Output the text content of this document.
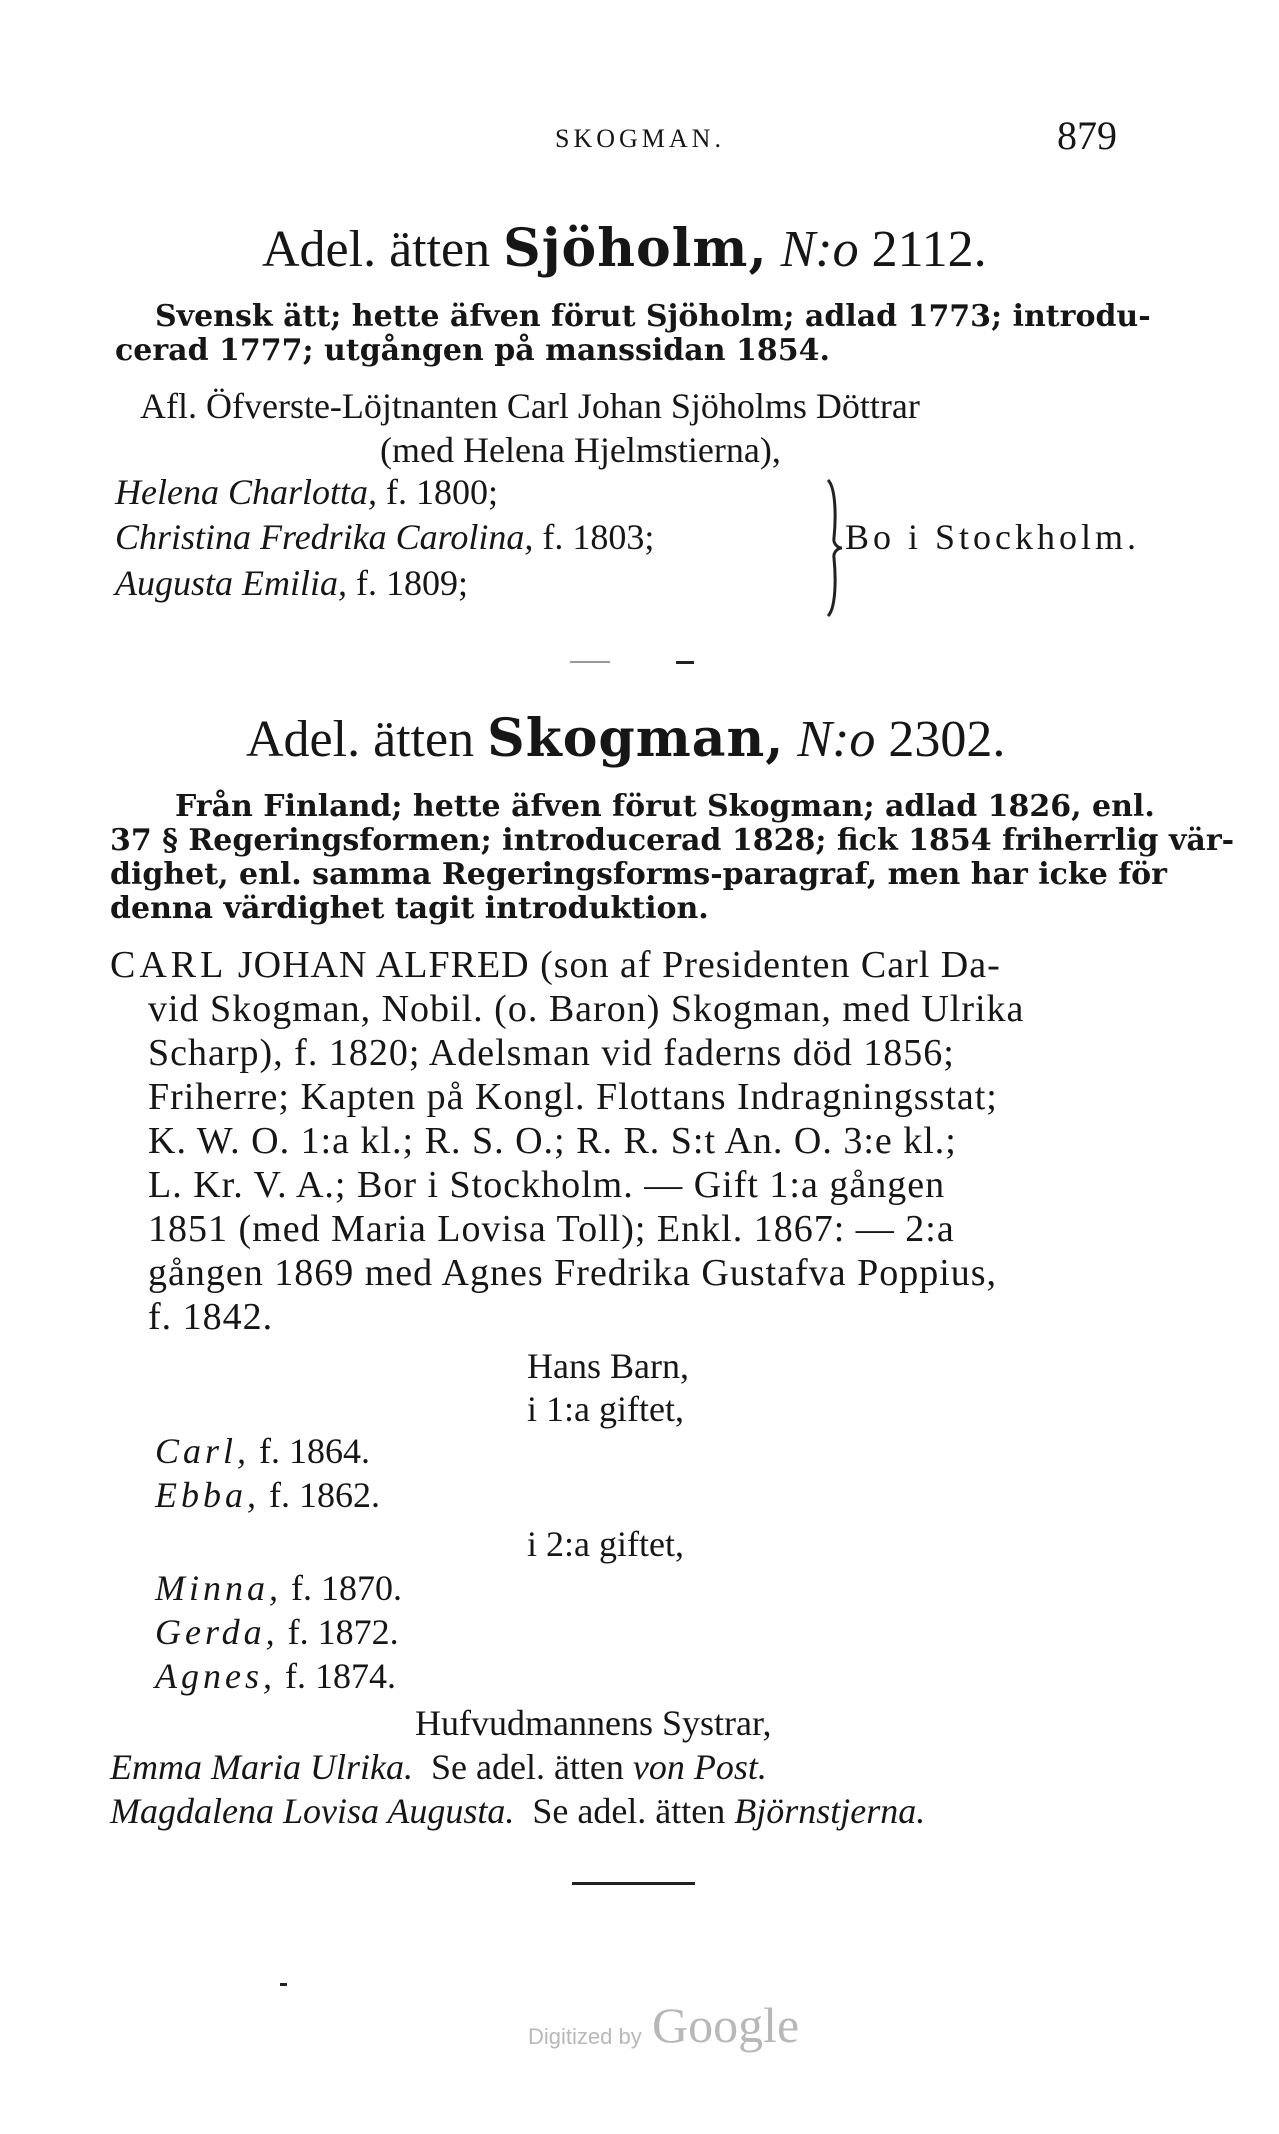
SKOGMAN.	879
Adel. ätten Sjöholm, N:o 2112.
Svensk ätt; hette äfven förut Sjöholm; adlad 1773; introdu-
cerad 1777; utgången på manssidan 1854.
Afl. Öfverste-Löjtnanten Carl Johan Sjöholms Döttrar
(med Helena Hjelmstierna),
Helena Charlotta, f. 1800;
Christina Fredrika Carolina, f. 1803;
Augusta Emilia, f. 1809;
Bo i Stockholm.
Adel. ätten Skogman, N:o 2302.
Från Finland; hette äfven förut Skogman; adlad 1826, enl.
37 § Regeringsformen; introducerad 1828; fick 1854 friherrlig vär-
dighet, enl. samma Regeringsforms-paragraf, men har icke för
denna värdighet tagit introduktion.
CARL JOHAN ALFRED (son af Presidenten Carl Da-
vid Skogman, Nobil. (o. Baron) Skogman, med Ulrika
Scharp), f. 1820; Adelsman vid faderns död 1856;
Friherre; Kapten på Kongl. Flottans Indragningsstat;
K. W. O. 1:a kl.; R. S. O.; R. R. S:t An. O. 3:e kl.;
L. Kr. V. A.; Bor i Stockholm. — Gift 1:a gången
1851 (med Maria Lovisa Toll); Enkl. 1867: — 2:a
gången 1869 med Agnes Fredrika Gustafva Poppius,
f. 1842.
Hans Barn,
i 1:a giftet,
Carl, f. 1864.
Ebba, f. 1862.
i 2:a giftet,
Minna, f. 1870.
Gerda, f. 1872.
Agnes, f. 1874.
Hufvudmannens Systrar,
Emma Maria Ulrika. Se adel. ätten von Post.
Magdalena Lovisa Augusta. Se adel. ätten Björnstjerna.
Digitized by Google
